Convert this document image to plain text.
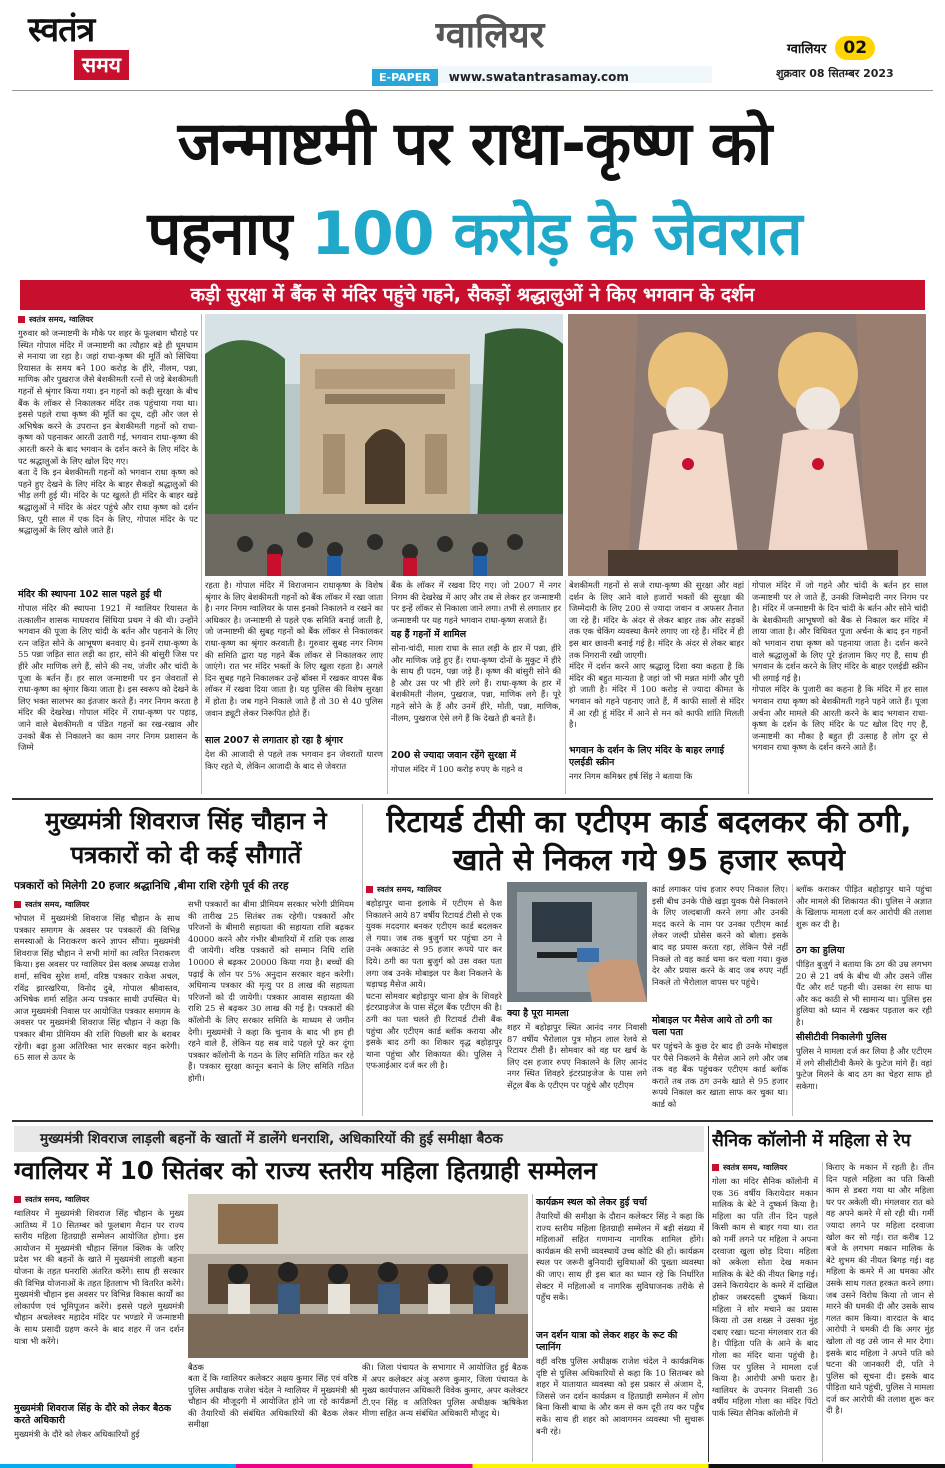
स्वतंत्र
समय
ग्वालियर
E-PAPER www.swatantrasamay.com
ग्वालियर 02
शुक्रवार 08 सितम्बर 2023
जन्माष्टमी पर राधा-कृष्ण को
पहनाए 100 करोड़ के जेवरात
कड़ी सुरक्षा में बैंक से मंदिर पहुंचे गहने, सैकड़ों श्रद्धालुओं ने किए भगवान के दर्शन
स्वतंत्र समय, ग्वालियर
गुरुवार को जन्माष्टमी के मौके पर शहर के फूलबाग चौराहे पर स्थित गोपाल मंदिर में जन्माष्टमी का त्यौहार बड़े ही धूमधाम से मनाया जा रहा है। जहां राधा-कृष्ण की मूर्ति को सिंधिया रियासत के समय बने 100 करोड़ के हीरे, नीलम, पन्ना, माणिक और पुखराज जैसे बेशकीमती रत्नों से जड़े बेशकीमती गहनों से श्रृंगार किया गया। इन गहनों को कड़ी सुरक्षा के बीच बैंक के लॉकर से निकालकर मंदिर तक पहुंचाया गया था। इससे पहले राधा कृष्ण की मूर्ति का दूध, दही और जल से अभिषेक करने के उपरान्त इन बेशकीमती गहनों को राधा-कृष्ण को पहनाकर आरती उतारी गई, भगवान राधा-कृष्ण की आरती करने के बाद भगवान के दर्शन करने के लिए मंदिर के पट श्रद्धालुओं के लिए खोल दिए गए।
बता दें कि इन बेशकीमती गहनों को भगवान राधा कृष्ण को पहने हुए देखने के लिए मंदिर के बाहर सैकड़ों श्रद्धालुओं की भीड़ लगी हुई थी। मंदिर के पट खुलते ही मंदिर के बाहर खड़े श्रद्धालुओं ने मंदिर के अंदर पहुंचे और राधा कृष्ण को दर्शन किए, पूरी साल में एक दिन के लिए, गोपाल मंदिर के पट श्रद्धालुओं के लिए खोले जाते हैं।
मंदिर की स्थापना 102 साल पहले हुई थी
गोपाल मंदिर की स्थापना 1921 में ग्वालियर रियासत के तत्कालीन शासक माधवराव सिंधिया प्रथम ने की थी। उन्होंने भगवान की पूजा के लिए चांदी के बर्तन और पहनाने के लिए रत्न जड़ित सोने के आभूषण बनवाए थे। इनमें राधा-कृष्ण के 55 पन्ना जड़ित सात लड़ी का हार, सोने की बांसुरी जिस पर हीरे और माणिक लगे हैं, सोने की नथ, जंजीर और चांदी के पूजा के बर्तन हैं। हर साल जन्माष्टमी पर इन जेवरातों से राधा-कृष्ण का श्रृंगार किया जाता है। इस स्वरूप को देखने के लिए भक्त सालभर का इंतजार करते हैं। नगर निगम करता है मंदिर की देखरेख। गोपाल मंदिर में राधा-कृष्ण पर पहाड़, जाने वाले बेशकीमती व पंडित गहनों का रख-रखाव और उनको बैंक से निकालने का काम नगर निगम प्रशासन के जिम्मे
रहता है। गोपाल मंदिर में विराजमान राधाकृष्ण के विशेष श्रृंगार के लिए बेशकीमती गहनों को बैंक लॉकर में रखा जाता है। नगर निगम ग्वालियर के पास इनको निकालने व रखने का अधिकार है। जन्माष्टमी से पहले एक समिति बनाई जाती है, जो जन्माष्टमी की सुबह गहनों को बैंक लॉकर से निकालकर राधा-कृष्ण का श्रृंगार करवाती है। गुरुवार सुबह नगर निगम की समिति द्वारा यह गहने बैंक लॉकर से निकालकर लाए जाएंगे। रात भर मंदिर भक्तों के लिए खुला रहता है। अगले दिन सुबह गहने निकालकर उन्हें बॉक्स में रखकर वापस बैंक लॉकर में रखवा दिया जाता है। यह पुलिस की विशेष सुरक्षा में होता है। जब गहने निकाले जाते हैं तो 30 से 40 पुलिस जवान ड्यूटी लेकर निरूपित होते हैं।
साल 2007 से लगातार हो रहा है श्रृंगार
देश की आजादी से पहले तक भगवान इन जेवरातों धारण किए रहते थे, लेकिन आजादी के बाद से जेवरात
बैंक के लॉकर में रखवा दिए गए। जो 2007 में नगर निगम की देखरेख में आए और तब से लेकर हर जन्माष्टमी पर इन्हें लॉकर से निकाला जाने लगा। तभी से लगातार हर जन्माष्टमी पर यह गहने भगवान राधा-कृष्ण सजाते हैं।
यह हैं गहनों में शामिल
सोना-चांदी, माला राधा के सात लड़ी के हार में पन्ना, हीरे और माणिक जड़े हुए हैं। राधा-कृष्ण दोनों के मुकुट में हीरे के साथ ही पदम, पन्ना जड़े हैं। कृष्ण की बांसुरी सोने की है और उस पर भी हीरे लगे हैं। राधा-कृष्ण के हार में बेशकीमती नीलम, पुखराज, पन्ना, माणिक लगे हैं। पूरे गहने सोने के हैं और उनमें हीरे, मोती, पन्ना, माणिक, नीलम, पुखराज ऐसे लगे हैं कि देखते ही बनते हैं।
200 से ज्यादा जवान रहेंगे सुरक्षा में
गोपाल मंदिर में 100 करोड़ रुपए के गहने व
बेशकीमती गहनों से सजे राधा-कृष्ण की सुरक्षा और वहां दर्शन के लिए आने वाले हजारों भक्तों की सुरक्षा की जिम्मेदारी के लिए 200 से ज्यादा जवान व अफसर तैनात जा रहे हैं। मंदिर के अंदर से लेकर बाहर तक और सड़कों तक एक चेकिंग व्यवस्था कैमरे लगाए जा रहे हैं। मंदिर में ही इस बार छावनी बनाई गई है। मंदिर के अंदर से लेकर बाहर तक निगरानी रखी जाएगी।
मंदिर में दर्शन करने आए श्रद्धालु दिशा क्या कहता है कि मंदिर की बहुत मान्यता है जहां जो भी मन्नत मांगी और पूरी हो जाती है। मंदिर में 100 करोड़ से ज्यादा कीमत के भगवान को गहने पहनाए जाते हैं, मैं काफी सालों से मंदिर में आ रही हूं मंदिर में आने से मन को काफी शांति मिलती है।
भगवान के दर्शन के लिए मंदिर के बाहर लगाई एलईडी स्क्रीन
नगर निगम कमिश्नर हर्ष सिंह ने बताया कि
गोपाल मंदिर में जो गहने और चांदी के बर्तन हर साल जन्माष्टमी पर ले जाते हैं, उनकी जिम्मेदारी नगर निगम पर है। मंदिर में जन्माष्टमी के दिन चांदी के बर्तन और सोने चांदी के बेशकीमती आभूषणों को बैंक से निकाल कर मंदिर में लाया जाता है। और विधिवत पूजा अर्चना के बाद इन गहनों को भगवान राधा कृष्ण को पहनाया जाता है। दर्शन करने वाले श्रद्धालुओं के लिए पूरे इंतजाम किए गए हैं, साथ ही भगवान के दर्शन करने के लिए मंदिर के बाहर एलईडी स्क्रीन भी लगाई गई है।
गोपाल मंदिर के पुजारी का कहना है कि मंदिर में हर साल भगवान राधा कृष्ण को बेशकीमती गहने पहने जाते हैं। पूजा अर्चना और मामले की आरती करने के बाद भगवान राधा-कृष्ण के दर्शन के लिए मंदिर के पट खोल दिए गए हैं, जन्माष्टमी का मौका है बहुत ही उत्साह है लोग दूर से भगवान राधा कृष्ण के दर्शन करने आते हैं।
मुख्यमंत्री शिवराज सिंह चौहान ने पत्रकारों को दी कई सौगातें
पत्रकारों को मिलेगी 20 हजार श्रद्धानिधि ,बीमा राशि रहेगी पूर्व की तरह
स्वतंत्र समय, ग्वालियर
भोपाल में मुख्यमंत्री शिवराज सिंह चौहान के साथ पत्रकार समागम के अवसर पर पत्रकारों की विभिन्न समस्याओं के निराकरण करने ज्ञापन सौंपा। मुख्यमंत्री शिवराज सिंह चौहान ने सभी मांगों का त्वरित निराकरण किया। इस अवसर पर ग्वालियर प्रेस क्लब अध्यक्ष राजेश शर्मा, सचिव सुरेश शर्मा, वरिष्ठ पत्रकार राकेश अचल, रविंद्र झारखरिया, विनोद दुबे, गोपाल श्रीवास्तव, अभिषेक शर्मा सहित अन्य पत्रकार साथी उपस्थित थे। आज मुख्यमंत्री निवास पर आयोजित पत्रकार समागम के अवसर पर मुख्यमंत्री शिवराज सिंह चौहान ने कहा कि पत्रकार बीमा प्रीमियम की राशि पिछली बार के बराबर रहेगी। बढ़ा हुआ अतिरिक्त भार सरकार वहन करेगी। 65 साल से ऊपर के
सभी पत्रकारों का बीमा प्रीमियम सरकार भरेगी प्रीमियम की तारीख 25 सितंबर तक रहेगी। पत्रकारों और परिजनों के बीमारी सहायता की सहायता राशि बढ़कर 40000 करने और गंभीर बीमारियों में राशि एक लाख दी जायेगी। वरिष्ठ पत्रकारों को सम्मान निधि राशि 10000 से बढ़कर 20000 किया गया है। बच्चों की पढ़ाई के लोन पर 5% अनुदान सरकार वहन करेगी। अधिमान्य पत्रकार की मृत्यु पर 8 लाख की सहायता परिजनों को दी जायेगी। पत्रकार आवास सहायता की राशि 25 से बढ़कर 30 लाख की गई है। पत्रकारों की कॉलोनी के लिए सरकार समिति के माध्यम से जमीन देगी। मुख्यमंत्री ने कहा कि चुनाव के बाद भी हम ही रहने वाले हैं, लेकिन यह सब वादे पहले पूरे कर दूंगा पत्रकार कॉलोनी के गठन के लिए समिति गठित कर रहे हैं। पत्रकार सुरक्षा कानून बनाने के लिए समिति गठित होगी।
रिटायर्ड टीसी का एटीएम कार्ड बदलकर की ठगी, खाते से निकल गये 95 हजार रूपये
स्वतंत्र समय, ग्वालियर
बहोड़ापुर थाना इलाके में एटीएम से कैश निकालने आये 87 वर्षीय रिटायर्ड टीसी से एक युवक मददगार बनकर एटीएम कार्ड बदलकर ले गया। जब तक बुजुर्ग घर पहुंचा ठग ने उनके अकाउंट से 95 हजार रूपये पार कर दिये। ठगी का पता बुजुर्ग को उस वक्त पता लगा जब उनके मोबाइल पर कैश निकलने के धड़ाधड़ मैसेज आये।
घटना सोमवार बहोड़ापुर थाना क्षेत्र के शिवहरे इंटरप्राइजेज के पास सेंट्रल बैंक एटीएम की है। ठगी का पता चलते ही रिटायर्ड टीसी बैंक पहुंचा और एटीएम कार्ड ब्लॉक कराया और इसके बाद ठगी का शिकार वृद्ध बहोड़ापुर थाना पहुंचा और शिकायत की। पुलिस ने एफआईआर दर्ज कर ली है।
क्या है पूरा मामला
शहर में बहोड़ापुर स्थित आनंद नगर निवासी 87 वर्षीय भैरोलाल पुत्र मोहन लाल रेलवे से रिटायर टीसी हैं। सोमवार को वह घर खर्च के लिए दस हजार रुपए निकालने के लिए आनंद नगर स्थित शिवहरे इंटरप्राइजेज के पास लगे सेंट्रल बैंक के एटीएम पर पहुंचे और एटीएम
कार्ड लगाकर पांच हजार रुपए निकाल लिए। इसी बीच उनके पीछे खड़ा युवक पैसे निकालने के लिए जल्दबाजी करने लगा और उनकी मदद करने के नाम पर उनका एटीएम कार्ड लेकर जल्दी प्रोसेस करने को बोला। इसके बाद वह प्रयास करता रहा, लेकिन पैसे नहीं निकले तो वह कार्ड थमा कर चला गया। कुछ देर और प्रयास करने के बाद जब रुपए नहीं निकले तो भैरोलाल वापस घर पहुंचे।
मोबाइल पर मैसेज आये तो ठगी का चला पता
घर पहुंचने के कुछ देर बाद ही उनके मोबाइल पर पैसे निकलने के मैसेज आने लगे और जब तक वह बैंक पहुंचकर एटीएम कार्ड ब्लॉक कराते तब तक ठग उनके खाते से 95 हजार रूपये निकाल कर खाता साफ कर चुका था। कार्ड को
ब्लॉक कराकर पीड़ित बहोड़ापुर थाने पहुंचा और मामले की शिकायत की। पुलिस ने अज्ञात के खिलाफ मामला दर्ज कर आरोपी की तलाश शुरू कर दी है।
ठग का हुलिया
पीड़ित बुजुर्ग ने बताया कि ठग की उम्र लगभग 20 से 21 वर्ष के बीच थी और उसने जींस पैंट और शर्ट पहनी थी। उसका रंग साफ था और कद काठी से भी सामान्य था। पुलिस इस हुलिया को ध्यान में रखकर पड़ताल कर रही है।
सीसीटीवी निकालेगी पुलिस
पुलिस ने मामला दर्ज कर लिया है और एटीएम में लगे सीसीटीवी कैमरे के फुटेज मांगे हैं। वहां फुटेज मिलने के बाद ठग का चेहरा साफ हो सकेगा।
मुख्यमंत्री शिवराज लाड़ली बहनों के खातों में डालेंगे धनराशि, अधिकारियों की हुई समीक्षा बैठक
ग्वालियर में 10 सितंबर को राज्य स्तरीय महिला हितग्राही सम्मेलन
स्वतंत्र समय, ग्वालियर
ग्वालियर में मुख्यमंत्री शिवराज सिंह चौहान के मुख्य आतिथ्य में 10 सितम्बर को फूलबाग मैदान पर राज्य स्तरीय महिला हितग्राही सम्मेलन आयोजित होगा। इस आयोजन में मुख्यमंत्री चौहान सिंगल क्लिक के जरिए प्रदेश भर की बहनों के खाते में मुख्यमंत्री लाड़ली बहना योजना के तहत धनराशि अंतरित करेंगे। साथ ही सरकार की विभिन्न योजनाओं के तहत हितलाभ भी वितरित करेंगे। मुख्यमंत्री चौहान इस अवसर पर विभिन्न विकास कार्यों का लोकार्पण एवं भूमिपूजन करेंगे। इससे पहले मुख्यमंत्री चौहान अचलेश्वर महादेव मंदिर पर भण्डारे में जन्माष्टमी के साथ प्रसादी ग्रहण करने के बाद शहर में जन दर्शन यात्रा भी करेंगे।
मुख्यमंत्री शिवराज सिंह के दौरे को लेकर बैठक करते अधिकारी
मुख्यमंत्री के दौरे को लेकर अधिकारियों हुई
बैठक
बता दें कि ग्वालियर कलेक्टर अक्षय कुमार सिंह एवं वरिष्ठ पुलिस अधीक्षक राजेश चंदेल ने ग्वालियर में मुख्यमंत्री श्री चौहान की मौजूदगी में आयोजित होने जा रहे कार्यक्रमों की तैयारियों की संबंधित अधिकारियों की बैठक लेकर समीक्षा
की। जिला पंचायत के सभागार में आयोजित हुई बैठक में अपर कलेक्टर अंजू अरुण कुमार, जिला पंचायत के मुख्य कार्यपालन अधिकारी विवेक कुमार, अपर कलेक्टर टी.एन सिंह व अतिरिक्त पुलिस अधीक्षक ऋषिकेश मीणा सहित अन्य संबंधित अधिकारी मौजूद थे।
कार्यक्रम स्थल को लेकर हुई चर्चा
तैयारियों की समीक्षा के दौरान कलेक्टर सिंह ने कहा कि राज्य स्तरीय महिला हितग्राही सम्मेलन में बड़ी संख्या में महिलाओं सहित गणमान्य नागरिक शामिल होंगे। कार्यक्रम की सभी व्यवस्थायें उच्च कोटि की हों। कार्यक्रम स्थल पर जरूरी बुनियादी सुविधाओं की पुख्ता व्यवस्था की जाए। साथ ही इस बात का ध्यान रहे कि निर्धारित सेक्टर में महिलाओं व नागरिक सुविधाजनक तरीके से पहुँच सकें।
जन दर्शन यात्रा को लेकर शहर के रूट की प्लानिंग
वहीं वरिष्ठ पुलिस अधीक्षक राजेश चंदेल ने कार्यक्रमिक दृष्टि से पुलिस अधिकारियों से कहा कि 10 सितम्बर को शहर में यातायात व्यवस्था को इस प्रकार से अंजाम दें, जिससे जन दर्शन कार्यक्रम व हितग्राही सम्मेलन में लोग बिना किसी बाधा के और कम से कम दूरी तय कर पहुँच सकें। साथ ही शहर को आवागमन व्यवस्था भी सुचारू बनी रहे।
सैनिक कॉलोनी में महिला से रेप
स्वतंत्र समय, ग्वालियर
गोला का मंदिर सैनिक कॉलोनी में एक 36 वर्षीय किरायेदार मकान मालिक के बेटे ने दुष्कर्म किया है। महिला का पति तीन दिन पहले किसी काम से बाहर गया था। रात को गर्मी लगने पर महिला ने अपना दरवाजा खुला छोड़ दिया। महिला को अकेला सोता देख मकान मालिक के बेटे की नीयत बिगड़ गई। उसने किरायेदार के कमरे में दाखिल होकर जबरदस्ती दुष्कर्म किया। महिला ने शोर मचाने का प्रयास किया तो उस शख्स ने उसका मुंह दबाए रखा। घटना मंगलवार रात की है। पीड़िता पति के आने के बाद गोला का मंदिर थाना पहुंची है। जिस पर पुलिस ने मामला दर्ज किया है। आरोपी अभी फरार है। ग्वालियर के उपनगर निवासी 36 वर्षीय महिला गोला का मंदिर पिंटो पार्क स्थित सैनिक कॉलोनी में
किराए के मकान में रहती है। तीन दिन पहले महिला का पति किसी काम से डबरा गया था और महिला घर पर अकेली थी। मंगलवार रात को वह अपने कमरे में सो रही थी। गर्मी ज्यादा लगने पर महिला दरवाजा खोल कर सो गई। रात करीब 12 बजे के लगभग मकान मालिक के बेटे शुभम की नीयत बिगड़ गई। वह महिला के कमरे में आ धमका और उसके साथ गलत हरकत करने लगा। जब उसने विरोध किया तो जान से मारने की धमकी दी और उसके साथ गलत काम किया। वारदात के बाद आरोपी ने धमकी दी कि अगर मुंह खोला तो वह उसे जान से मार देगा। इसके बाद महिला ने अपने पति को घटना की जानकारी दी, पति ने पुलिस को सूचना दी। इसके बाद पीड़िता थाने पहुंची, पुलिस ने मामला दर्ज कर आरोपी की तलाश शुरू कर दी है।
